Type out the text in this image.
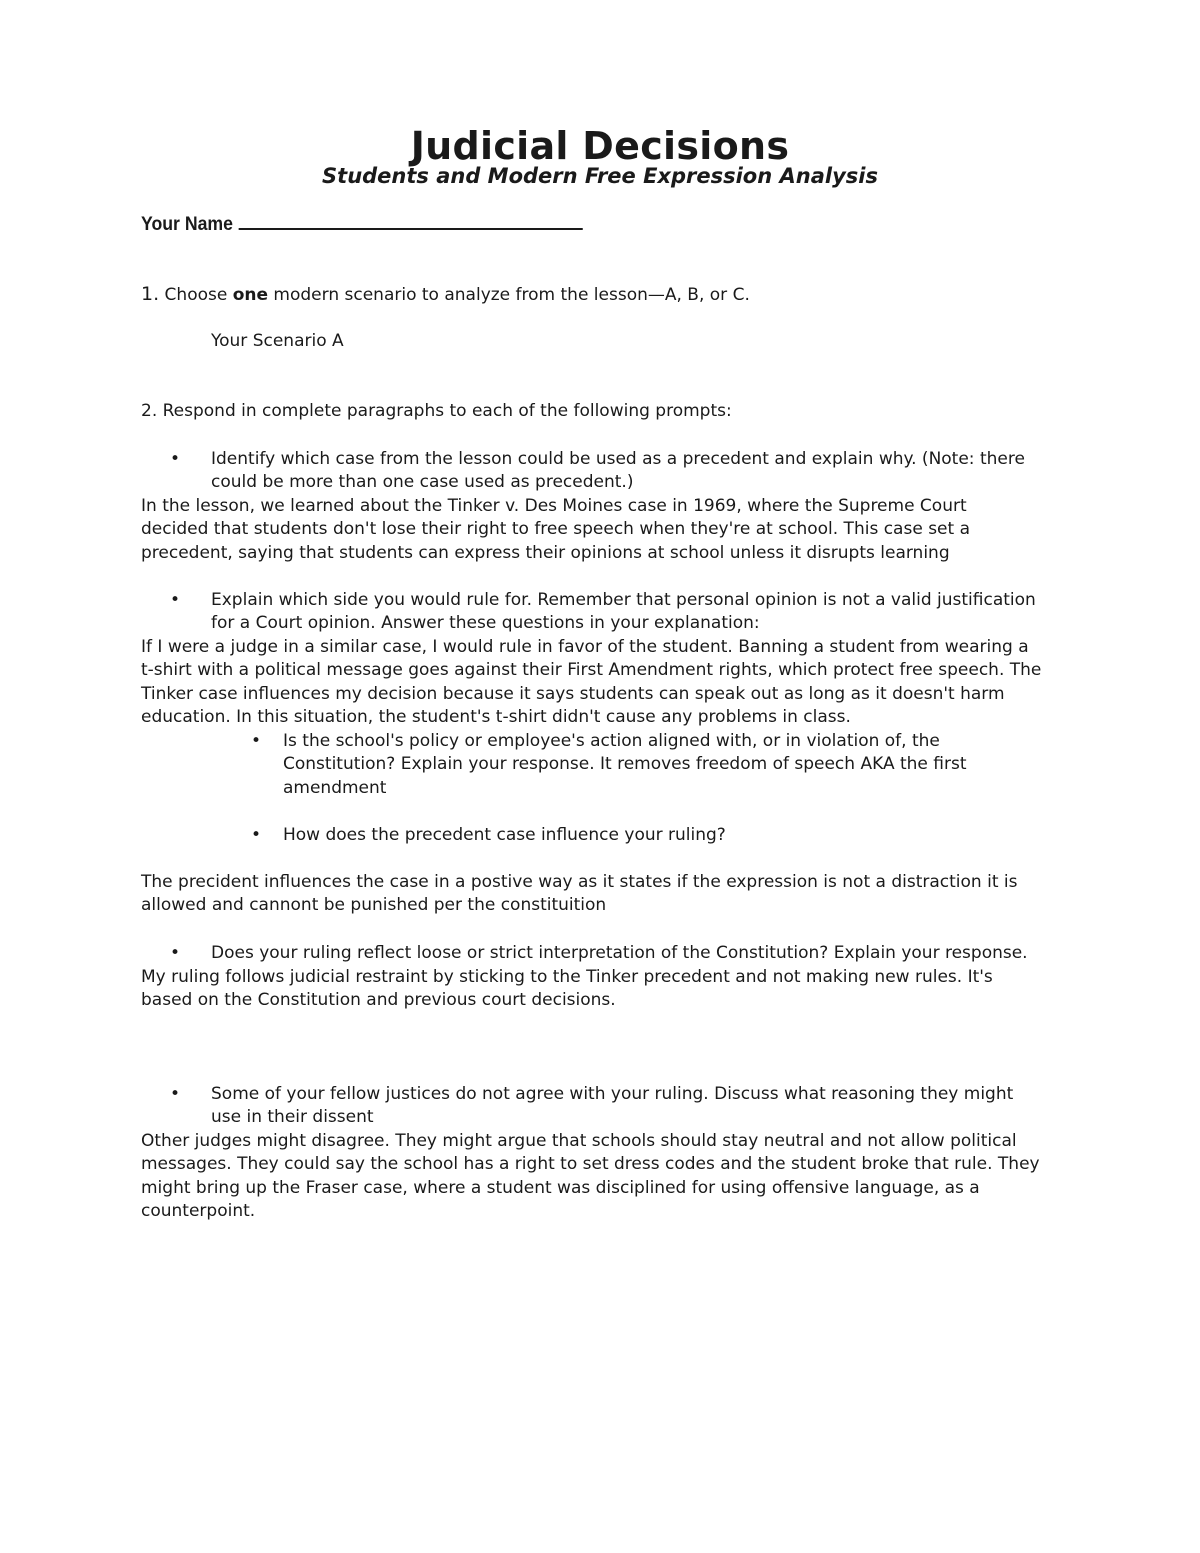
Judicial Decisions
Students and Modern Free Expression Analysis
Your Name
1. Choose one modern scenario to analyze from the lesson—A, B, or C.
Your Scenario A
2. Respond in complete paragraphs to each of the following prompts:
• Identify which case from the lesson could be used as a precedent and explain why. (Note: there
could be more than one case used as precedent.)
In the lesson, we learned about the Tinker v. Des Moines case in 1969, where the Supreme Court
decided that students don't lose their right to free speech when they're at school. This case set a
precedent, saying that students can express their opinions at school unless it disrupts learning
• Explain which side you would rule for. Remember that personal opinion is not a valid justification
for a Court opinion. Answer these questions in your explanation:
If I were a judge in a similar case, I would rule in favor of the student. Banning a student from wearing a
t-shirt with a political message goes against their First Amendment rights, which protect free speech. The
Tinker case influences my decision because it says students can speak out as long as it doesn't harm
education. In this situation, the student's t-shirt didn't cause any problems in class.
• Is the school's policy or employee's action aligned with, or in violation of, the
Constitution? Explain your response. It removes freedom of speech AKA the first
amendment
• How does the precedent case influence your ruling?
The precident influences the case in a postive way as it states if the expression is not a distraction it is
allowed and cannont be punished per the constituition
• Does your ruling reflect loose or strict interpretation of the Constitution? Explain your response.
My ruling follows judicial restraint by sticking to the Tinker precedent and not making new rules. It's
based on the Constitution and previous court decisions.
• Some of your fellow justices do not agree with your ruling. Discuss what reasoning they might
use in their dissent
Other judges might disagree. They might argue that schools should stay neutral and not allow political
messages. They could say the school has a right to set dress codes and the student broke that rule. They
might bring up the Fraser case, where a student was disciplined for using offensive language, as a
counterpoint.
